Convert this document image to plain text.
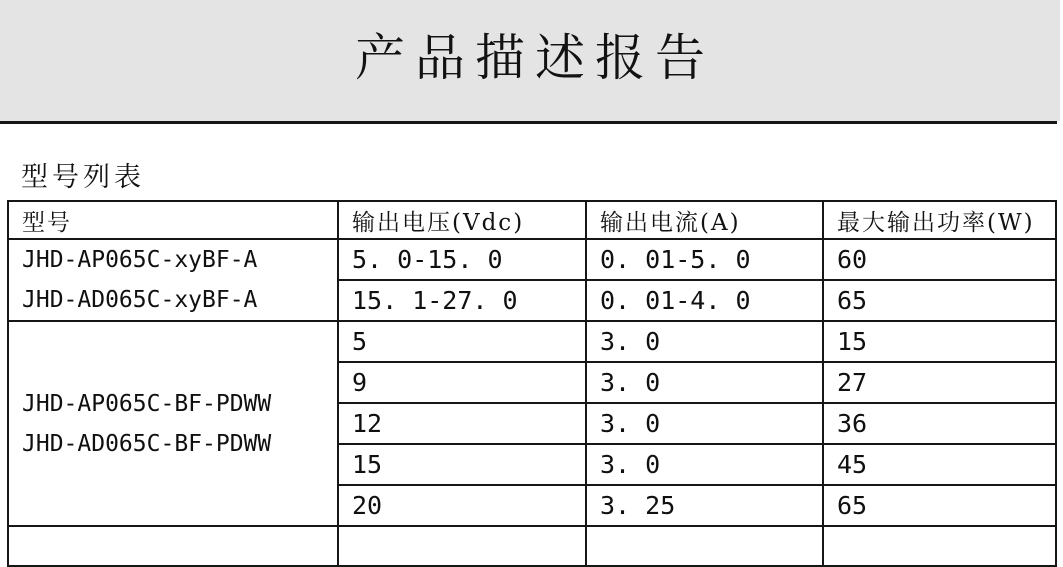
产品描述报告
型号列表
型号	输出电压(Vdc)	输出电流(A)	最大输出功率(W)

JHD-AP065C-xyBF-A
JHD-AD065C-xyBF-A	5. 0-15. 0	0. 01-5. 0	60
	15. 1-27. 0	0. 01-4. 0	65

JHD-AP065C-BF-PDWW
JHD-AD065C-BF-PDWW	5	3. 0	15
	9	3. 0	27
	12	3. 0	36
	15	3. 0	45
	20	3. 25	65
